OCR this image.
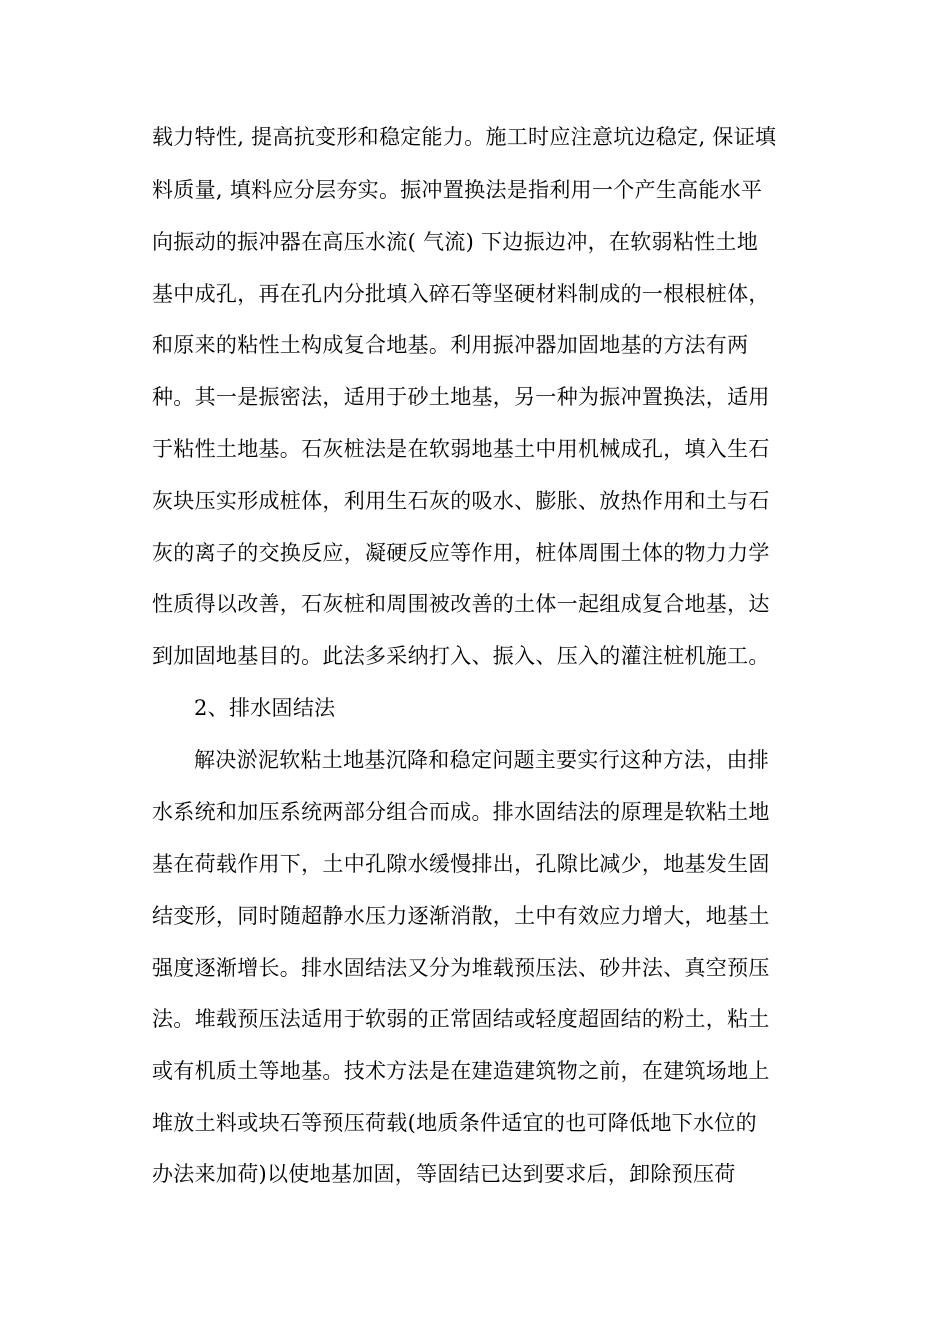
载力特性, 提高抗变形和稳定能力。施工时应注意坑边稳定, 保证填
料质量, 填料应分层夯实。振冲置换法是指利用一个产生高能水平
向振动的振冲器在高压水流( 气流) 下边振边冲，在软弱粘性土地
基中成孔，再在孔内分批填入碎石等坚硬材料制成的一根根桩体，
和原来的粘性土构成复合地基。利用振冲器加固地基的方法有两
种。其一是振密法，适用于砂土地基，另一种为振冲置换法，适用
于粘性土地基。石灰桩法是在软弱地基土中用机械成孔，填入生石
灰块压实形成桩体，利用生石灰的吸水、膨胀、放热作用和土与石
灰的离子的交换反应，凝硬反应等作用，桩体周围土体的物力力学
性质得以改善，石灰桩和周围被改善的土体一起组成复合地基，达
到加固地基目的。此法多采纳打入、振入、压入的灌注桩机施工。
2、排水固结法
解决淤泥软粘土地基沉降和稳定问题主要实行这种方法，由排
水系统和加压系统两部分组合而成。排水固结法的原理是软粘土地
基在荷载作用下，土中孔隙水缓慢排出，孔隙比减少，地基发生固
结变形，同时随超静水压力逐渐消散，土中有效应力增大，地基土
强度逐渐增长。排水固结法又分为堆载预压法、砂井法、真空预压
法。堆载预压法适用于软弱的正常固结或轻度超固结的粉土，粘土
或有机质土等地基。技术方法是在建造建筑物之前，在建筑场地上
堆放土料或块石等预压荷载(地质条件适宜的也可降低地下水位的
办法来加荷)以使地基加固，等固结已达到要求后，卸除预压荷
